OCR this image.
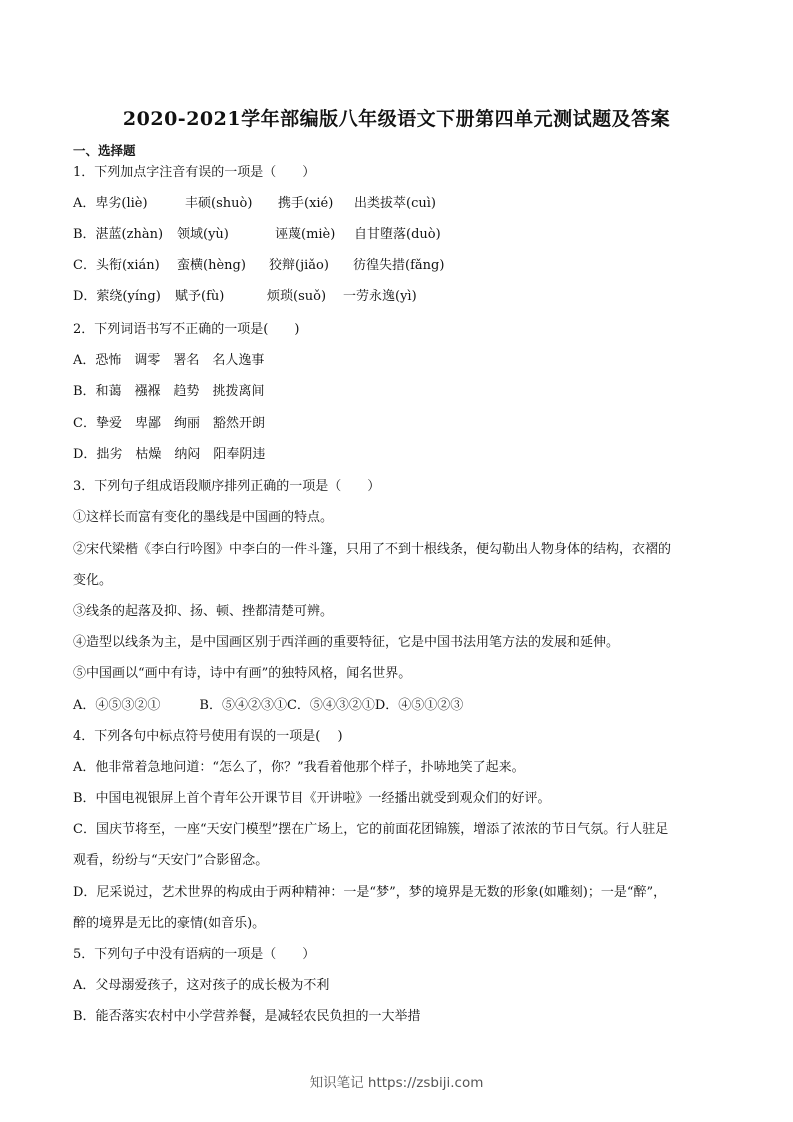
2020-2021学年部编版八年级语文下册第四单元测试题及答案
一、选择题
1．下列加点字注音有误的一项是（　　）
A．卑劣(liè)	丰硕(shuò) 携手(xié) 出类拔萃(cuì)
B．湛蓝(zhàn) 领域(yù)	诬蔑(miè) 自甘堕落(duò)
C．头衔(xián) 蛮横(hèng) 狡辩(jiǎo) 彷徨失措(fǎng)
D．萦绕(yíng) 赋予(fù)	烦琐(suǒ) 一劳永逸(yì)
2．下列词语书写不正确的一项是(　　)
A．恐怖　调零　署名　名人逸事
B．和蔼　襁褓　趋势　挑拨离间
C．挚爱　卑鄙　绚丽　豁然开朗
D．拙劣　枯燥　纳闷　阳奉阴违
3．下列句子组成语段顺序排列正确的一项是（　　）
①这样长而富有变化的墨线是中国画的特点。
②宋代梁楷《李白行吟图》中李白的一件斗篷，只用了不到十根线条，便勾勒出人物身体的结构，衣褶的
变化。
③线条的起落及抑、扬、顿、挫都清楚可辨。
④造型以线条为主，是中国画区别于西洋画的重要特征，它是中国书法用笔方法的发展和延伸。
⑤中国画以“画中有诗，诗中有画”的独特风格，闻名世界。
A．④⑤③②①　　　B．⑤④②③①C．⑤④③②①D．④⑤①②③
4．下列各句中标点符号使用有误的一项是(　 )
A．他非常着急地问道：“怎么了，你？”我看着他那个样子，扑哧地笑了起来。
B．中国电视银屏上首个青年公开课节目《开讲啦》一经播出就受到观众们的好评。
C．国庆节将至，一座“天安门模型”摆在广场上，它的前面花团锦簇，增添了浓浓的节日气氛。行人驻足
观看，纷纷与“天安门”合影留念。
D．尼采说过，艺术世界的构成由于两种精神：一是“梦”，梦的境界是无数的形象(如雕刻)；一是“醉”，
醉的境界是无比的豪情(如音乐)。
5．下列句子中没有语病的一项是（　　）
A．父母溺爱孩子，这对孩子的成长极为不利
B．能否落实农村中小学营养餐，是减轻农民负担的一大举措
知识笔记 https://zsbiji.com
